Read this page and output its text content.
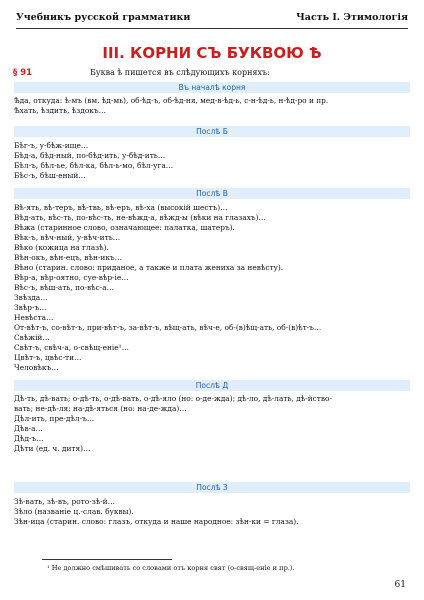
Учебникъ русской грамматики	Часть I. Этимологія
III. КОРНИ СЪ БУКВОЮ Ѣ
§ 91	Буква ѣ пишется въ слѣдующихъ корняхъ:
Въ началѣ корня
Ѣда, откуда: ѣ-мъ (вм. ѣд-мь), об-ѣд-ъ, об-ѣд-ня, мед-в-ѣд-ь, с-н-ѣд-ь, н-ѣд-ро и пр.
Ѣхать, ѣздить, ѣздокъ…
Послѣ Б
Бѣг-ъ, у-бѣж-ище…
Бѣд-а, бѣд-ный, по-бѣд-ить, у-бѣд-ить…
Бѣл-ъ, бѣл-ье, бѣл-ка, бѣл-ь-мо, бѣл-уга…
Бѣс-ъ, бѣш-еный…
Послѣ В
Вѣ-ять, вѣ-теръ, вѣ-твь, вѣ-еръ, вѣ-ха (высокій шестъ)…
Вѣд-ать, вѣс-ть, по-вѣс-ть, не-вѣжд-а, вѣжд-ы (вѣки на глазахъ)…
Вѣжа (старинное слово, означающее: палатка, шатеръ).
Вѣк-ъ, вѣч-ный, у-вѣч-ить…
Вѣко (кожица на глазѣ).
Вѣн-окъ, вѣн-ецъ, вѣн-икъ…
Вѣно (старин. слово: приданое, а также и плата жениха за невѣсту).
Вѣр-а, вѣр-оятно, суе-вѣр-іе…
Вѣс-ъ, вѣш-ать, по-вѣс-а…
Звѣзда…
Звѣр-ъ…
Невѣста…
От-вѣт-ъ, со-вѣт-ъ, при-вѣт-ъ, за-вѣт-ъ, вѣщ-ать, вѣч-е, об-(в)ѣщ-ать, об-(в)ѣт-ъ…
Свѣжій…
Свѣт-ъ, свѣч-а, о-свѣщ-еніе¹…
Цвѣт-ъ, цвѣс-ти…
Человѣкъ…
Послѣ Д
Дѣ-ть, дѣ-вать; о-дѣ-ть, о-дѣ-вать, о-дѣ-яло (но: о-де-жда); дѣ-ло, дѣ-лать, дѣ-йство-
вать; не-дѣ-ля; на-дѣ-яться (но: на-де-жда)…
Дѣл-ить, пре-дѣл-ъ…
Дѣв-а…
Дѣд-ъ…
Дѣти (ед. ч. дитя)…
Послѣ З
Зѣ-вать, зѣ-въ, рото-зѣ-й…
Зѣло (названіе ц.-слав. буквы).
Зѣн-ица (старин. слово: глазъ, откуда и наше народное: зѣн-ки = глаза).
¹ Не должно смѣшивать со словами отъ корня свят (о-свящ-еніе и пр.).
61
